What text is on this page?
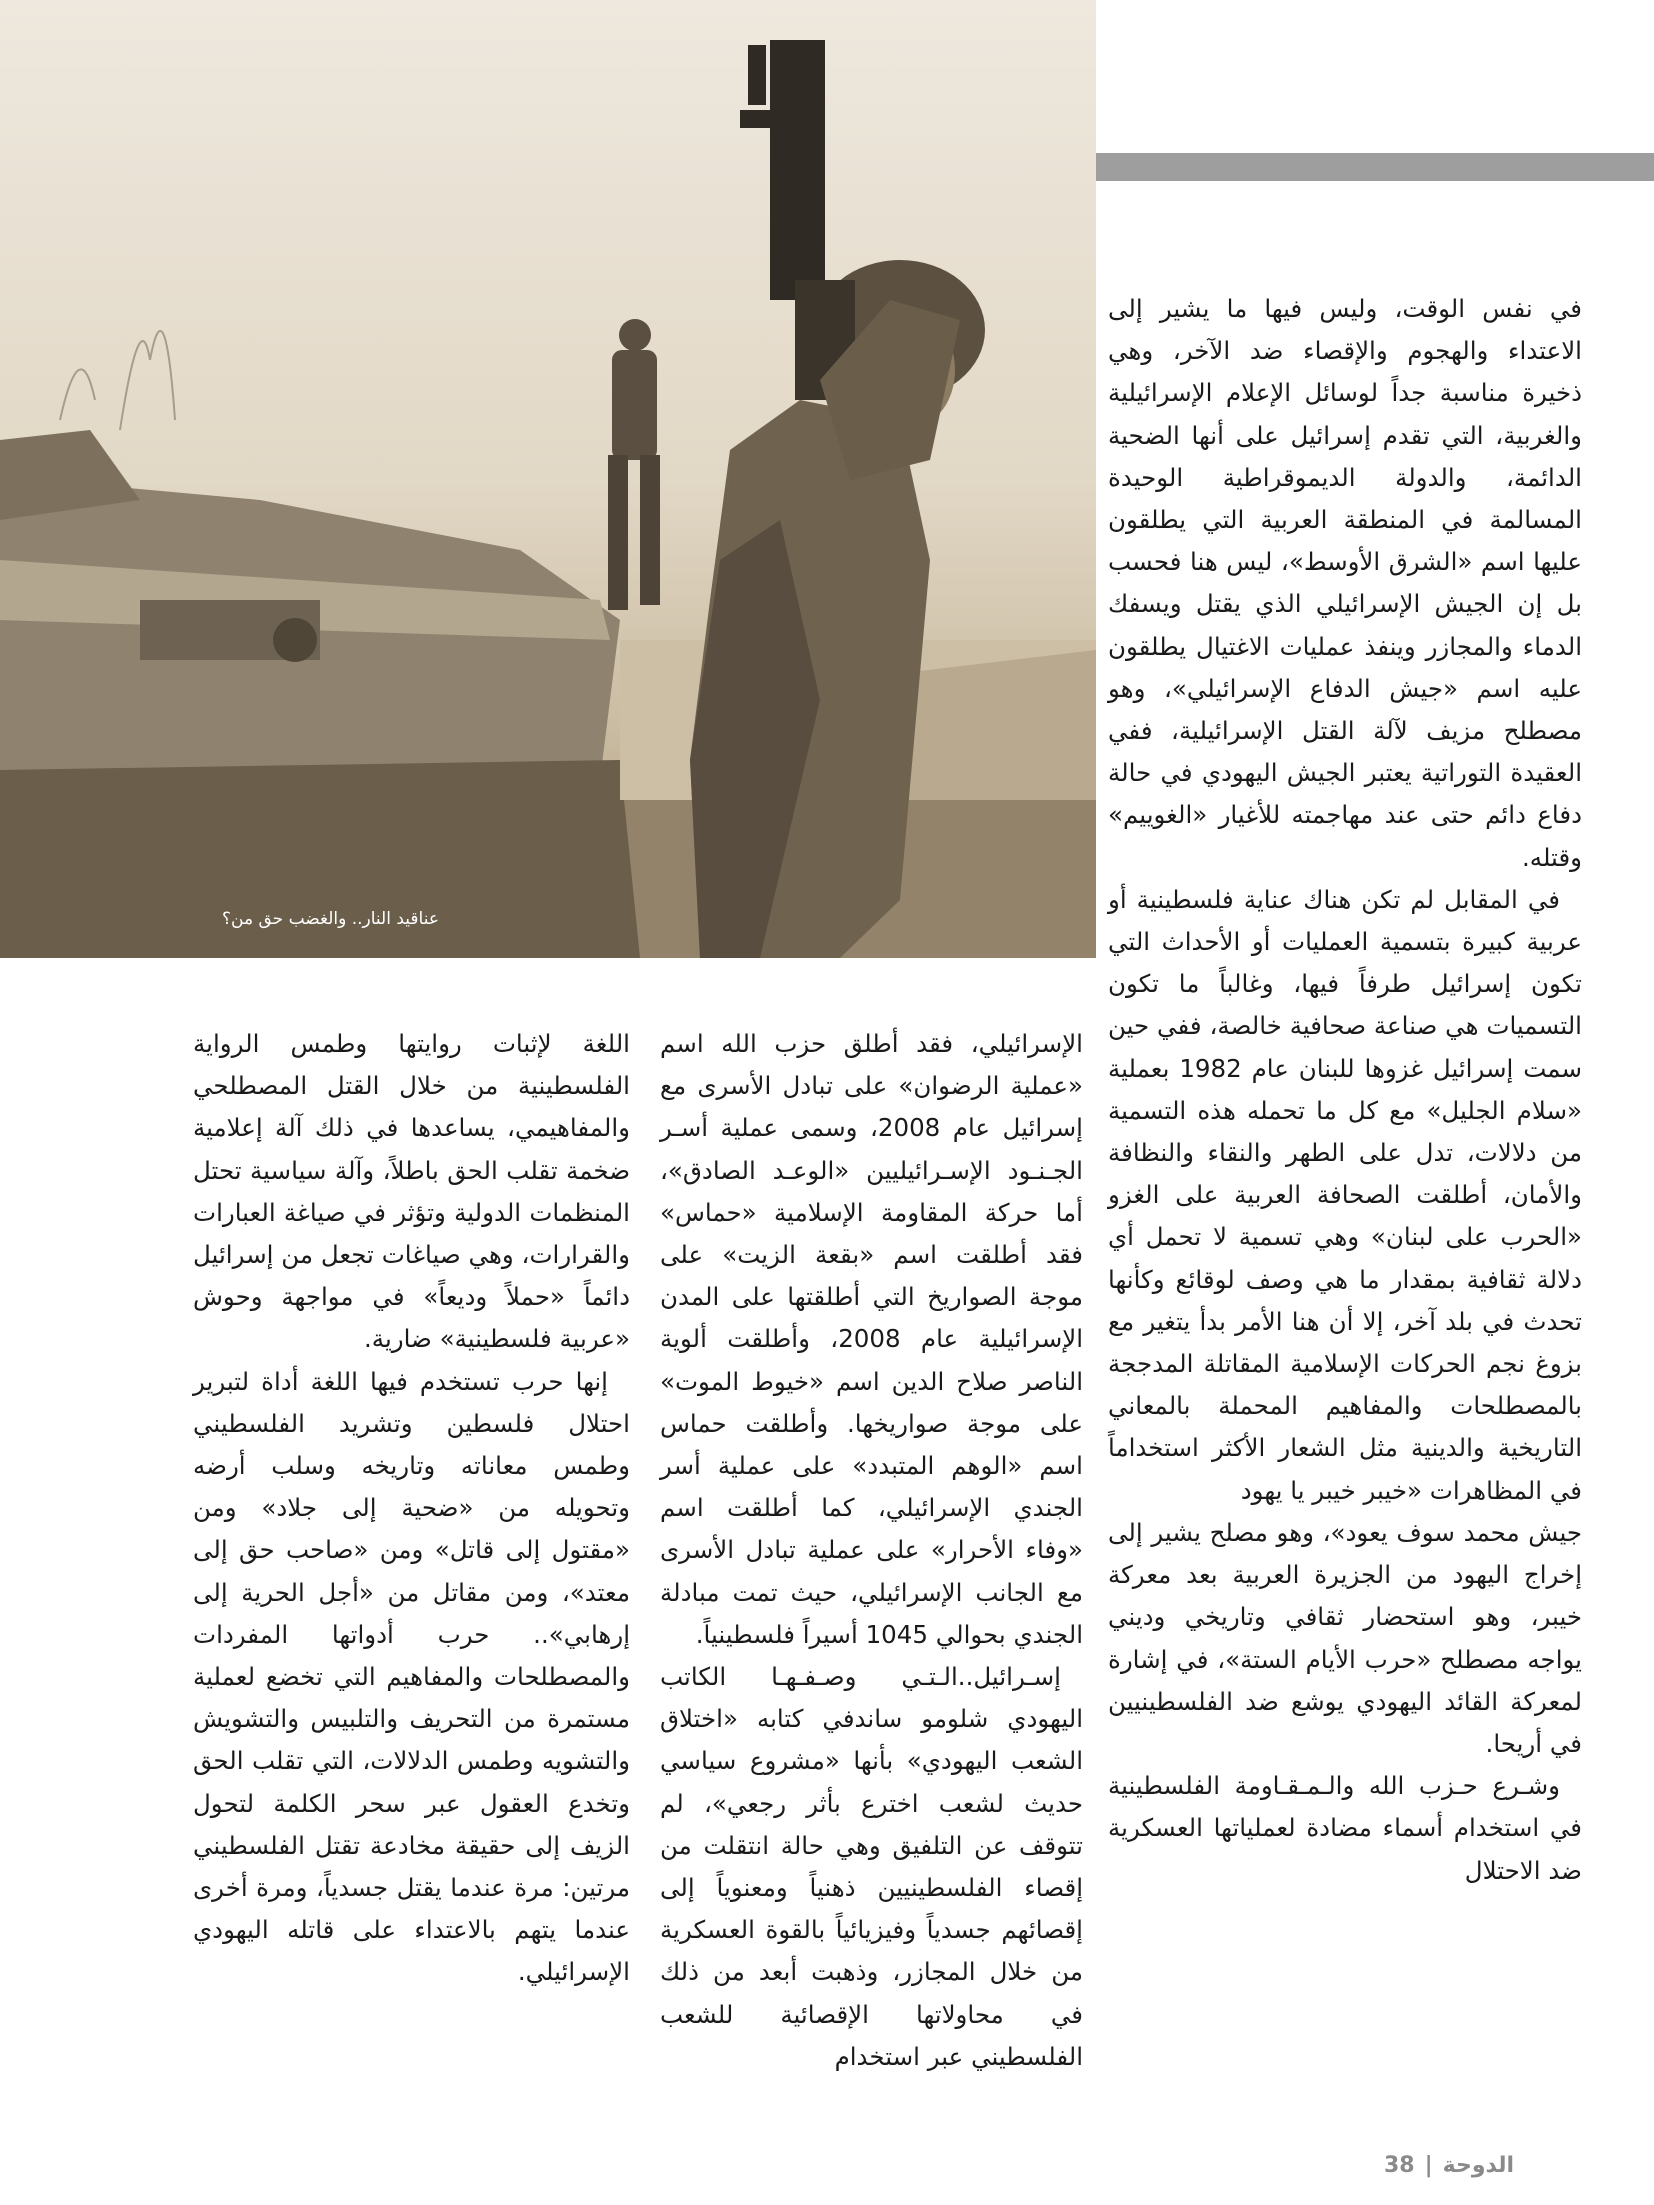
عناقيد النار.. والغضب حق من؟

في نفس الوقت، وليس فيها ما يشير إلى الاعتداء والهجوم والإقصاء ضد الآخر، وهي ذخيرة مناسبة جداً لوسائل الإعلام الإسرائيلية والغربية، التي تقدم إسرائيل على أنها الضحية الدائمة، والدولة الديموقراطية الوحيدة المسالمة في المنطقة العربية التي يطلقون عليها اسم «الشرق الأوسط»، ليس هنا فحسب بل إن الجيش الإسرائيلي الذي يقتل ويسفك الدماء والمجازر وينفذ عمليات الاغتيال يطلقون عليه اسم «جيش الدفاع الإسرائيلي»، وهو مصطلح مزيف لآلة القتل الإسرائيلية، ففي العقيدة التوراتية يعتبر الجيش اليهودي في حالة دفاع دائم حتى عند مهاجمته للأغيار «الغوييم» وقتله.

في المقابل لم تكن هناك عناية فلسطينية أو عربية كبيرة بتسمية العمليات أو الأحداث التي تكون إسرائيل طرفاً فيها، وغالباً ما تكون التسميات هي صناعة صحافية خالصة، ففي حين سمت إسرائيل غزوها للبنان عام 1982 بعملية «سلام الجليل» مع كل ما تحمله هذه التسمية من دلالات، تدل على الطهر والنقاء والنظافة والأمان، أطلقت الصحافة العربية على الغزو «الحرب على لبنان» وهي تسمية لا تحمل أي دلالة ثقافية بمقدار ما هي وصف لوقائع وكأنها تحدث في بلد آخر، إلا أن هنا الأمر بدأ يتغير مع بزوغ نجم الحركات الإسلامية المقاتلة المدججة بالمصطلحات والمفاهيم المحملة بالمعاني التاريخية والدينية مثل الشعار الأكثر استخداماً في المظاهرات «خيبر خيبر يا يهود

جيش محمد سوف يعود»، وهو مصلح يشير إلى إخراج اليهود من الجزيرة العربية بعد معركة خيبر، وهو استحضار ثقافي وتاريخي وديني يواجه مصطلح «حرب الأيام الستة»، في إشارة لمعركة القائد اليهودي يوشع ضد الفلسطينيين في أريحا.

وشـرع حـزب الله والـمـقـاومة الفلسطينية في استخدام أسماء مضادة لعملياتها العسكرية ضد الاحتلال

الإسرائيلي، فقد أطلق حزب الله اسم «عملية الرضوان» على تبادل الأسرى مع إسرائيل عام 2008، وسمى عملية أسـر الجـنـود الإسـرائيليين «الوعـد الصادق»، أما حركة المقاومة الإسلامية «حماس» فقد أطلقت اسم «بقعة الزيت» على موجة الصواريخ التي أطلقتها على المدن الإسرائيلية عام 2008، وأطلقت ألوية الناصر صلاح الدين اسم «خيوط الموت» على موجة صواريخها. وأطلقت حماس اسم «الوهم المتبدد» على عملية أسر الجندي الإسرائيلي، كما أطلقت اسم «وفاء الأحرار» على عملية تبادل الأسرى مع الجانب الإسرائيلي، حيث تمت مبادلة الجندي بحوالي 1045 أسيراً فلسطينياً.

إسـرائيل..الـتـي وصـفـهـا الكاتب اليهودي شلومو ساندفي كتابه «اختلاق الشعب اليهودي» بأنها «مشروع سياسي حديث لشعب اخترع بأثر رجعي»، لم تتوقف عن التلفيق وهي حالة انتقلت من إقصاء الفلسطينيين ذهنياً ومعنوياً إلى إقصائهم جسدياً وفيزيائياً بالقوة العسكرية من خلال المجازر، وذهبت أبعد من ذلك في محاولاتها الإقصائية للشعب الفلسطيني عبر استخدام

اللغة لإثبات روايتها وطمس الرواية الفلسطينية من خلال القتل المصطلحي والمفاهيمي، يساعدها في ذلك آلة إعلامية ضخمة تقلب الحق باطلاً، وآلة سياسية تحتل المنظمات الدولية وتؤثر في صياغة العبارات والقرارات، وهي صياغات تجعل من إسرائيل دائماً «حملاً وديعاً» في مواجهة وحوش «عربية فلسطينية» ضارية.

إنها حرب تستخدم فيها اللغة أداة لتبرير احتلال فلسطين وتشريد الفلسطيني وطمس معاناته وتاريخه وسلب أرضه وتحويله من «ضحية إلى جلاد» ومن «مقتول إلى قاتل» ومن «صاحب حق إلى معتد»، ومن مقاتل من «أجل الحرية إلى إرهابي».. حرب أدواتها المفردات والمصطلحات والمفاهيم التي تخضع لعملية مستمرة من التحريف والتلبيس والتشويش والتشويه وطمس الدلالات، التي تقلب الحق وتخدع العقول عبر سحر الكلمة لتحول الزيف إلى حقيقة مخادعة تقتل الفلسطيني مرتين: مرة عندما يقتل جسدياً، ومرة أخرى عندما يتهم بالاعتداء على قاتله اليهودي الإسرائيلي.

الدوحة|38
